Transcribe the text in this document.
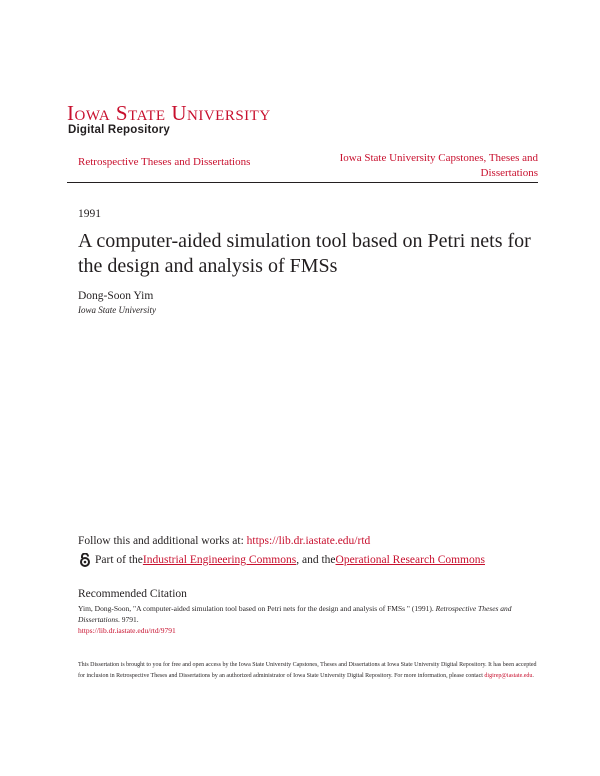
IOWA STATE UNIVERSITY
Digital Repository
Retrospective Theses and Dissertations	Iowa State University Capstones, Theses and Dissertations
1991
A computer-aided simulation tool based on Petri nets for the design and analysis of FMSs
Dong-Soon Yim
Iowa State University
Follow this and additional works at: https://lib.dr.iastate.edu/rtd
Part of the Industrial Engineering Commons , and the Operational Research Commons
Recommended Citation
Yim, Dong-Soon, "A computer-aided simulation tool based on Petri nets for the design and analysis of FMSs " (1991). Retrospective Theses and Dissertations. 9791.
https://lib.dr.iastate.edu/rtd/9791
This Dissertation is brought to you for free and open access by the Iowa State University Capstones, Theses and Dissertations at Iowa State University Digital Repository. It has been accepted for inclusion in Retrospective Theses and Dissertations by an authorized administrator of Iowa State University Digital Repository. For more information, please contact digirep@iastate.edu.
